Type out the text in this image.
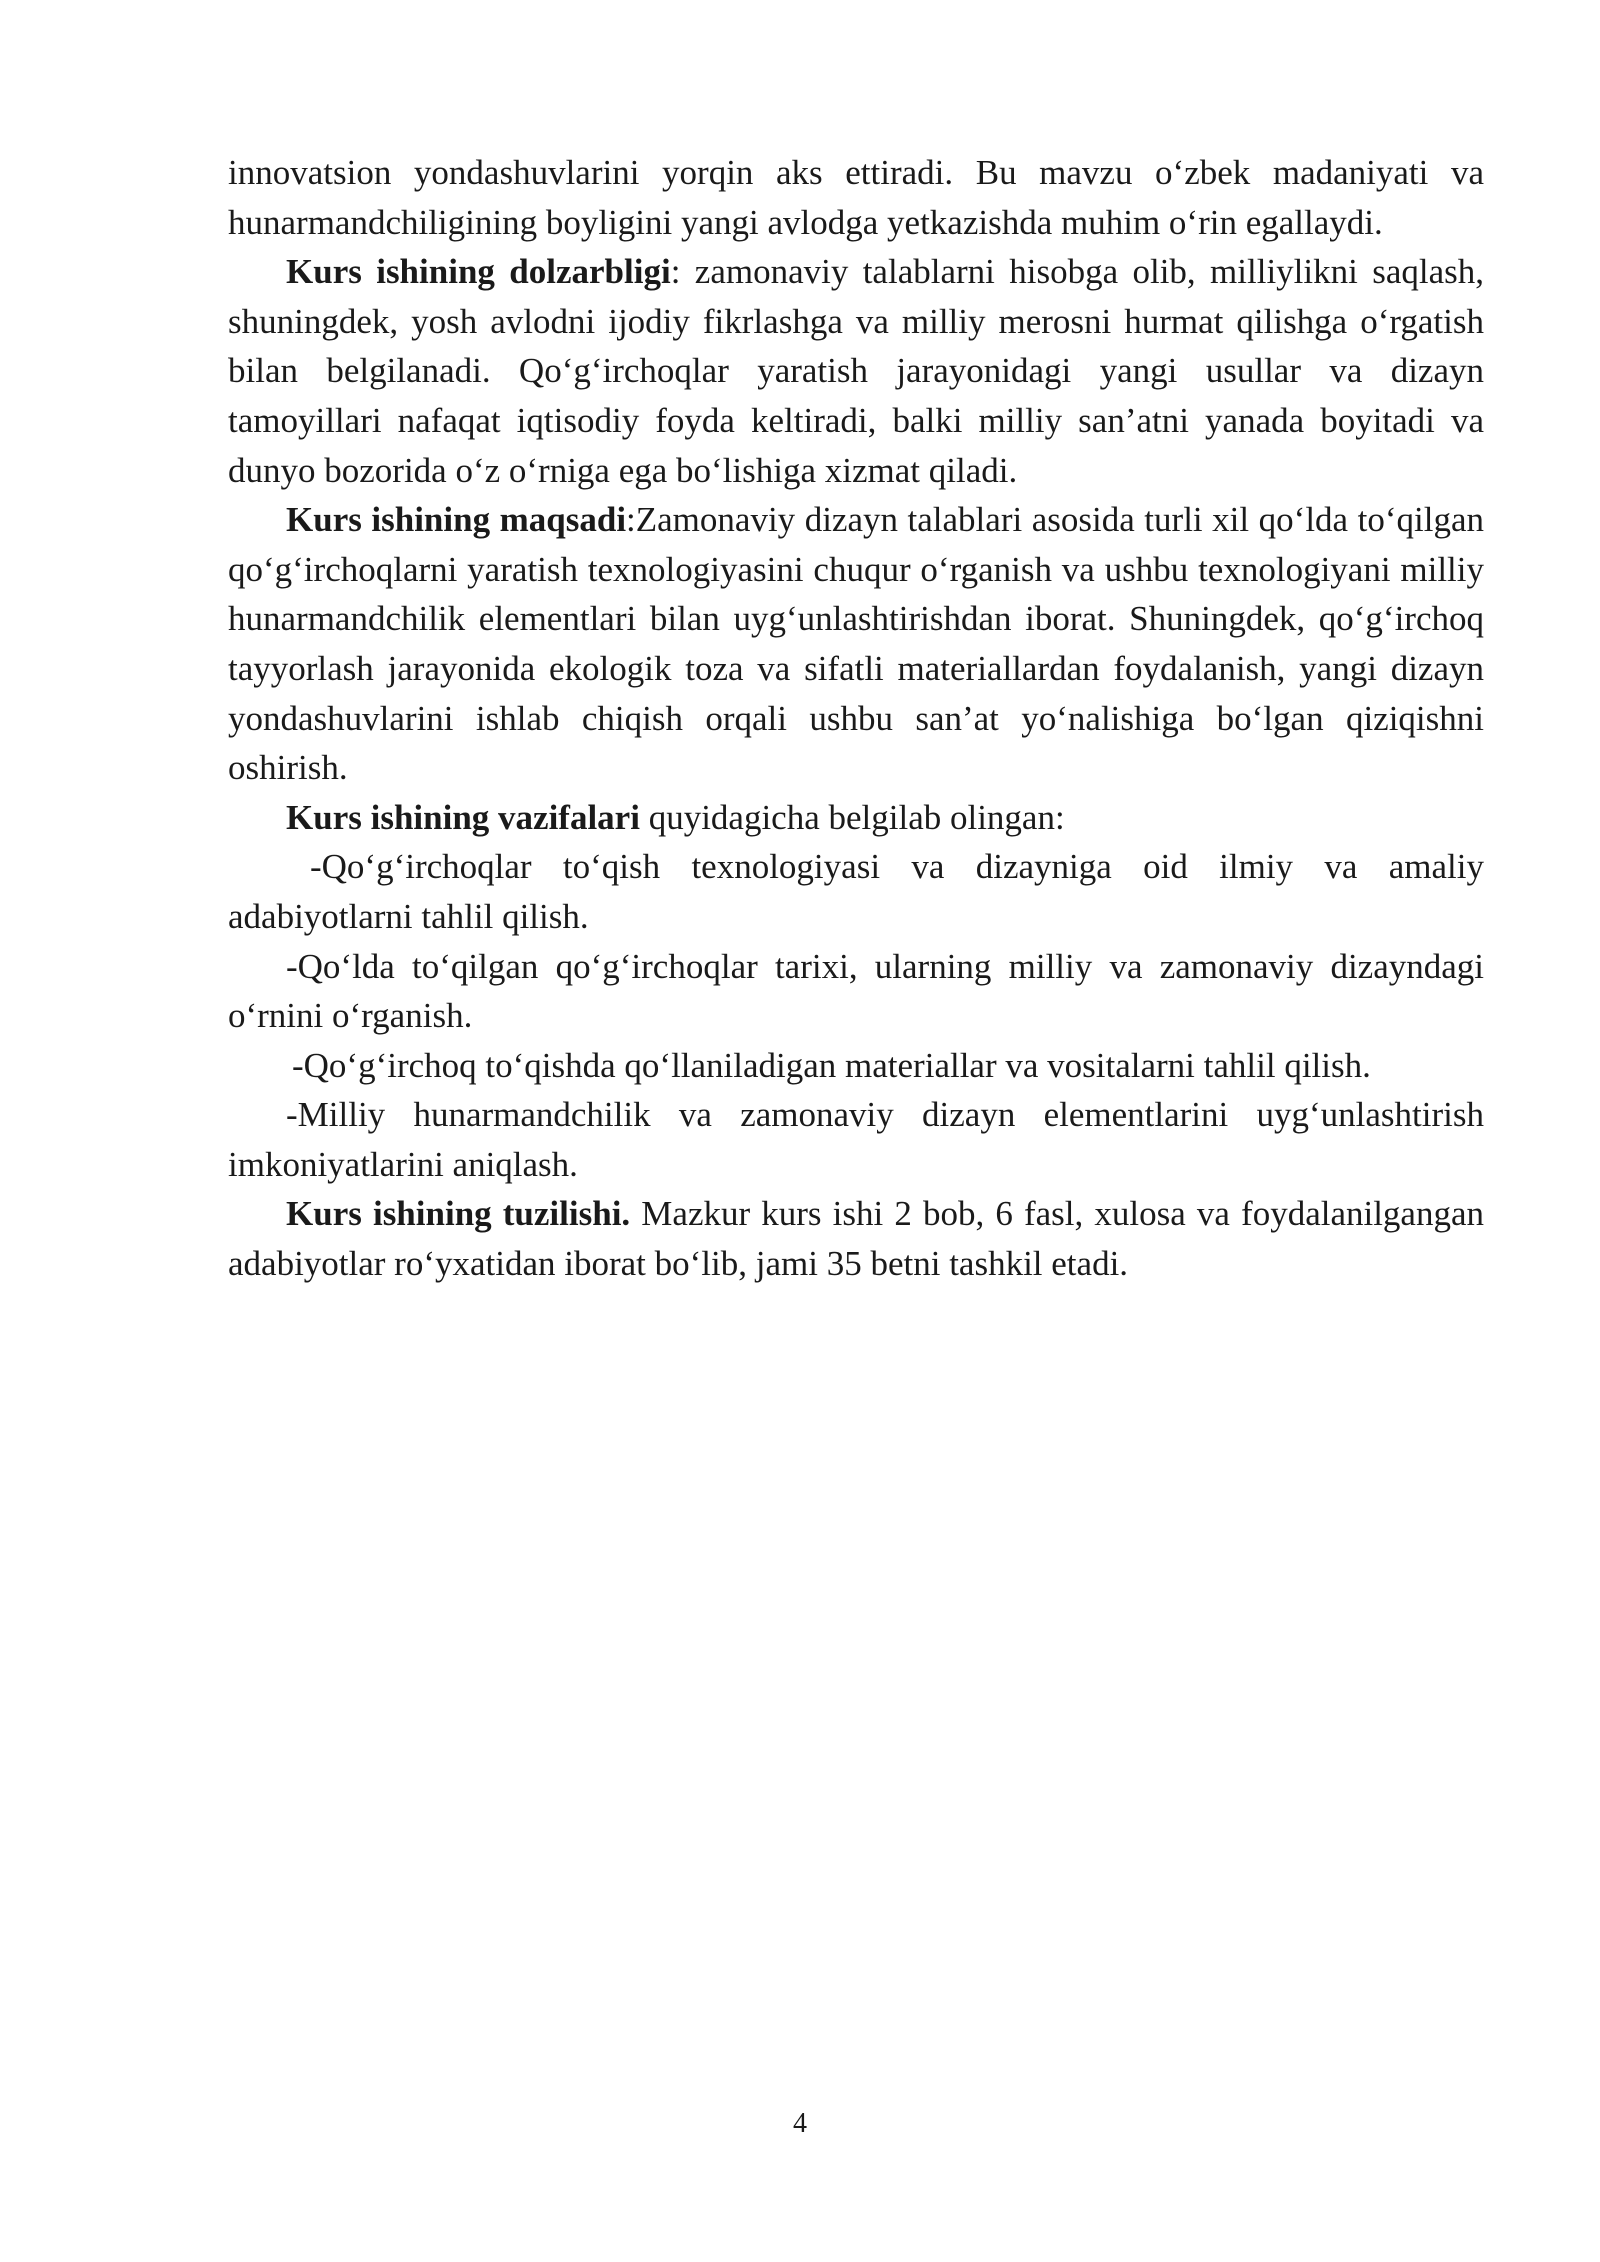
innovatsion yondashuvlarini yorqin aks ettiradi. Bu mavzu o‘zbek madaniyati va hunarmandchiligining boyligini yangi avlodga yetkazishda muhim o‘rin egallaydi.

Kurs ishining dolzarbligi: zamonaviy talablarni hisobga olib, milliylikni saqlash, shuningdek, yosh avlodni ijodiy fikrlashga va milliy merosni hurmat qilishga o‘rgatish bilan belgilanadi. Qo‘g‘irchoqlar yaratish jarayonidagi yangi usullar va dizayn tamoyillari nafaqat iqtisodiy foyda keltiradi, balki milliy san’atni yanada boyitadi va dunyo bozorida o‘z o‘rniga ega bo‘lishiga xizmat qiladi.

Kurs ishining maqsadi:Zamonaviy dizayn talablari asosida turli xil qo‘lda to‘qilgan qo‘g‘irchoqlarni yaratish texnologiyasini chuqur o‘rganish va ushbu texnologiyani milliy hunarmandchilik elementlari bilan uyg‘unlashtirishdan iborat. Shuningdek, qo‘g‘irchoq tayyorlash jarayonida ekologik toza va sifatli materiallardan foydalanish, yangi dizayn yondashuvlarini ishlab chiqish orqali ushbu san’at yo‘nalishiga bo‘lgan qiziqishni oshirish.

Kurs ishining vazifalari quyidagicha belgilab olingan:

-Qo‘g‘irchoqlar to‘qish texnologiyasi va dizayniga oid ilmiy va amaliy adabiyotlarni tahlil qilish.

-Qo‘lda to‘qilgan qo‘g‘irchoqlar tarixi, ularning milliy va zamonaviy dizayndagi o‘rnini o‘rganish.

-Qo‘g‘irchoq to‘qishda qo‘llaniladigan materiallar va vositalarni tahlil qilish.

-Milliy hunarmandchilik va zamonaviy dizayn elementlarini uyg‘unlashtirish imkoniyatlarini aniqlash.

Kurs ishining tuzilishi. Mazkur kurs ishi 2 bob, 6 fasl, xulosa va foydalanilgangan adabiyotlar ro‘yxatidan iborat bo‘lib, jami 35 betni tashkil etadi.

4
